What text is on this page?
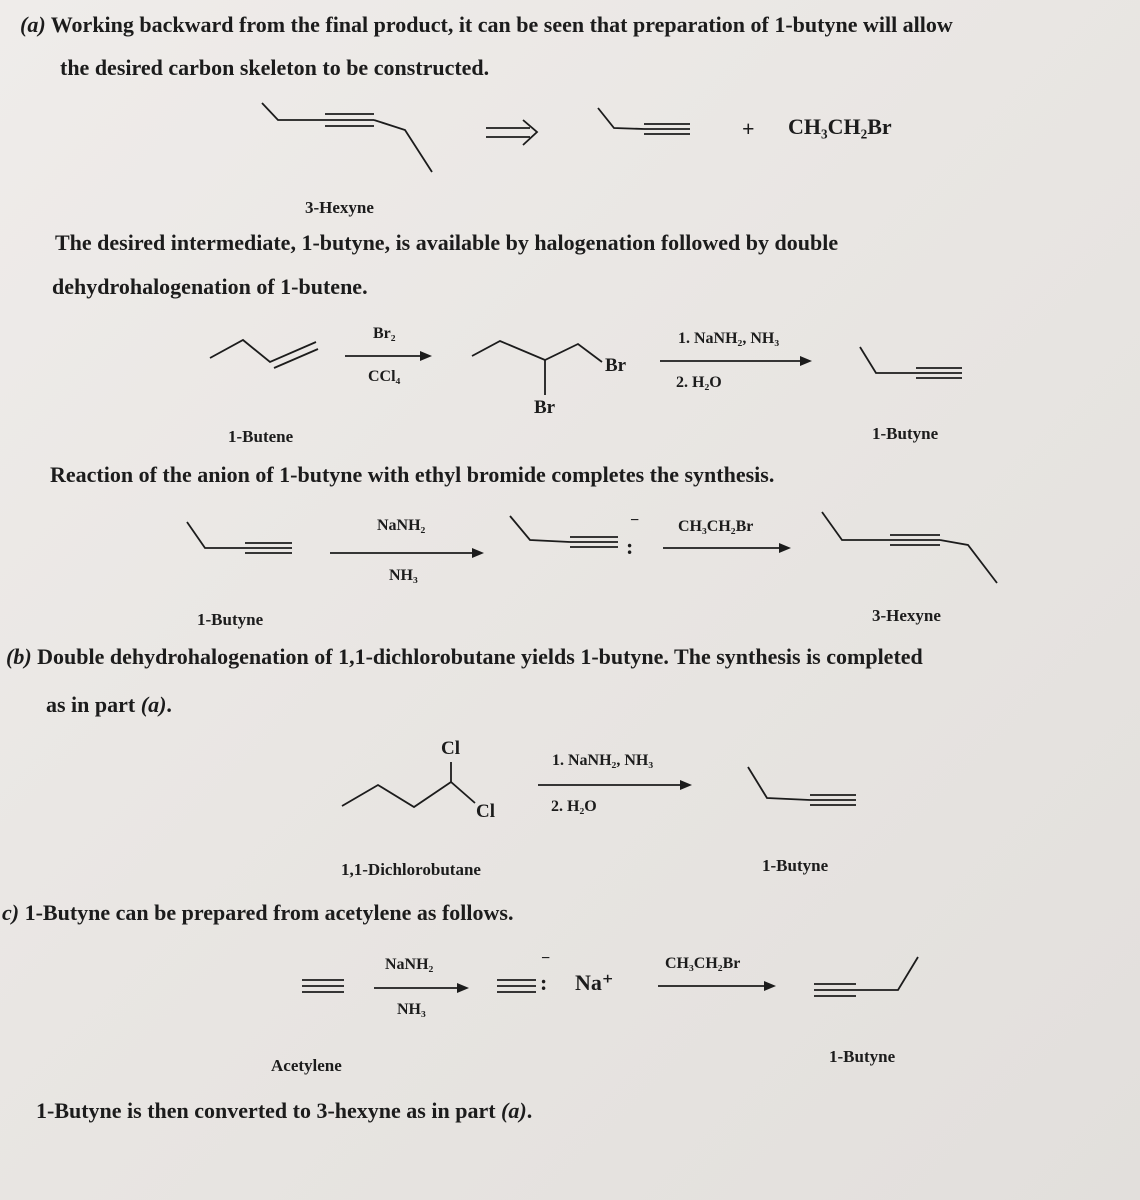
(a) Working backward from the final product, it can be seen that preparation of 1-butyne will allow
the desired carbon skeleton to be constructed.
+ CH₃CH₂Br
3-Hexyne
The desired intermediate, 1-butyne, is available by halogenation followed by double
dehydrohalogenation of 1-butene.
Br₂
CCl₄
Br
Br
1. NaNH₂, NH₃
2. H₂O
1-Butene	1-Butyne
Reaction of the anion of 1-butyne with ethyl bromide completes the synthesis.
NaNH₂
NH₃
:
− CH₃CH₂Br
1-Butyne	3-Hexyne
(b) Double dehydrohalogenation of 1,1-dichlorobutane yields 1-butyne. The synthesis is completed
as in part (a).
Cl
Cl
1. NaNH₂, NH₃
2. H₂O
1,1-Dichlorobutane	1-Butyne
c) 1-Butyne can be prepared from acetylene as follows.
NaNH₂
NH₃
:
−
Na⁺
CH₃CH₂Br
Acetylene	1-Butyne
1-Butyne is then converted to 3-hexyne as in part (a).
